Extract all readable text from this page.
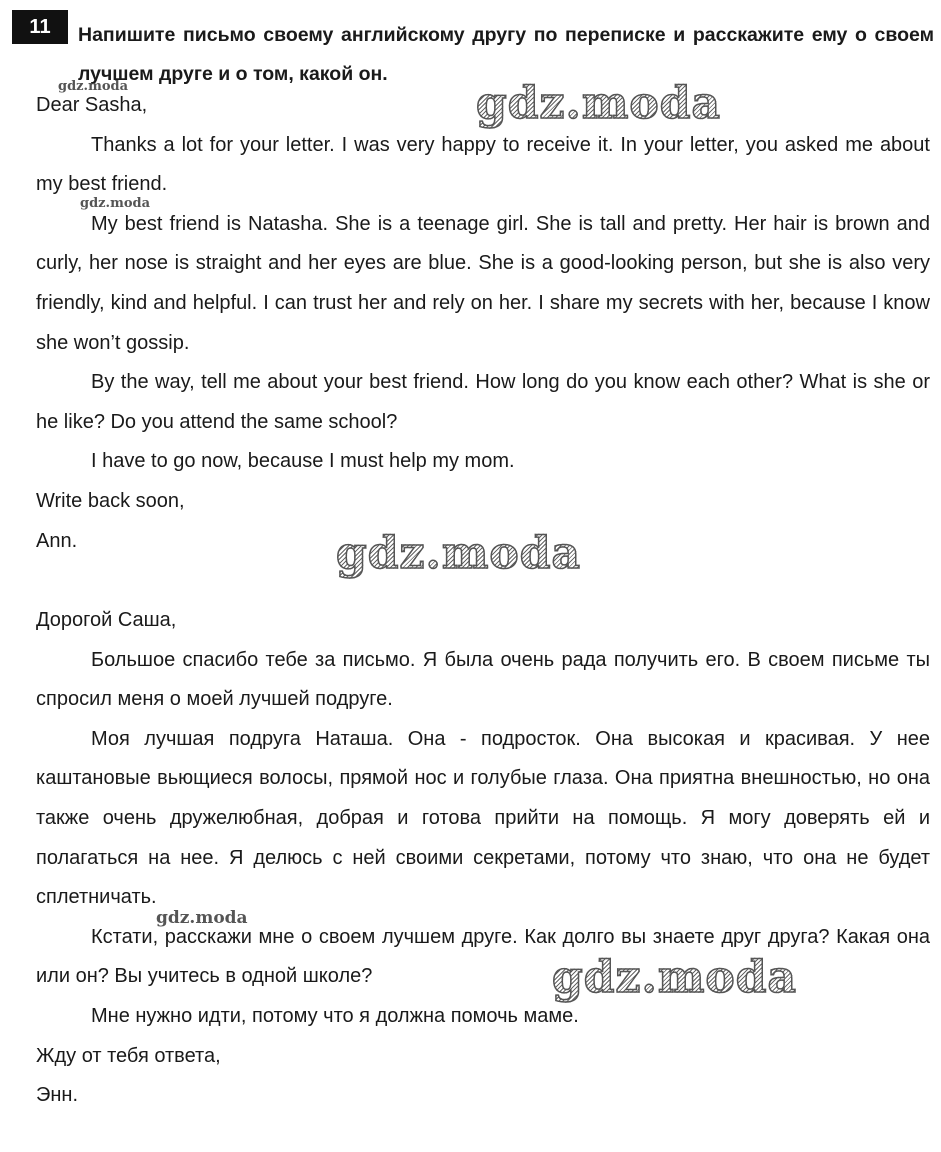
11	Напишите письмо своему английскому другу по переписке и расскажите ему о своем лучшем друге и о том, какой он.

Dear Sasha,

Thanks a lot for your letter. I was very happy to receive it. In your letter, you asked me about my best friend.

My best friend is Natasha. She is a teenage girl. She is tall and pretty. Her hair is brown and curly, her nose is straight and her eyes are blue. She is a good-looking person, but she is also very friendly, kind and helpful. I can trust her and rely on her. I share my secrets with her, because I know she won’t gossip.

By the way, tell me about your best friend. How long do you know each other? What is she or he like? Do you attend the same school?

I have to go now, because I must help my mom.

Write back soon,

Ann.

Дорогой Саша,

Большое спасибо тебе за письмо. Я была очень рада получить его. В своем письме ты спросил меня о моей лучшей подруге.

Моя лучшая подруга Наташа. Она - подросток. Она высокая и красивая. У нее каштановые вьющиеся волосы, прямой нос и голубые глаза. Она приятна внешностью, но она также очень дружелюбная, добрая и готова прийти на помощь. Я могу доверять ей и полагаться на нее. Я делюсь с ней своими секретами, потому что знаю, что она не будет сплетничать.

Кстати, расскажи мне о своем лучшем друге. Как долго вы знаете друг друга? Какая она или он? Вы учитесь в одной школе?

Мне нужно идти, потому что я должна помочь маме.

Жду от тебя ответа,

Энн.

gdz.moda	gdz.moda
gdz.moda
gdz.moda
gdz.moda
gdz.moda
